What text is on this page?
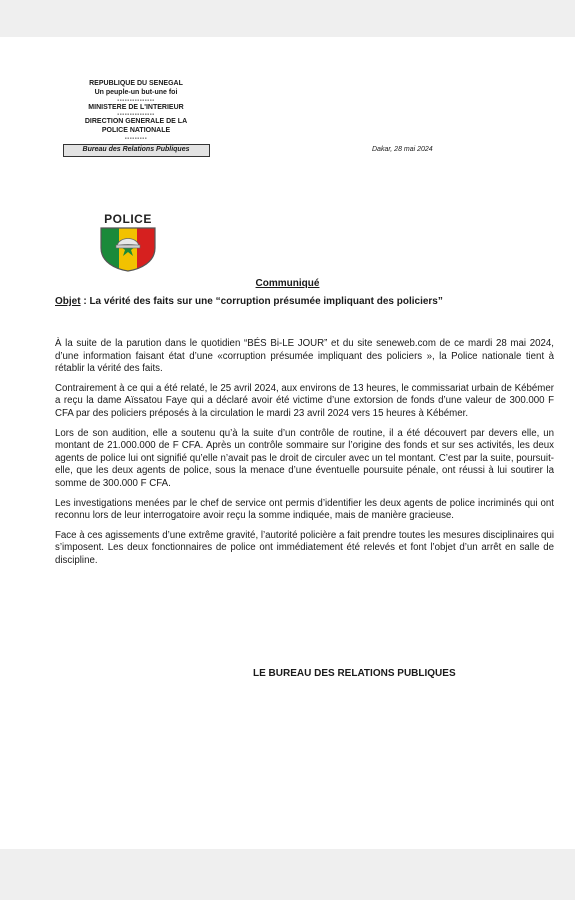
REPUBLIQUE DU SENEGAL
Un peuple-un but-une foi
---------------
MINISTERE DE L'INTERIEUR
---------------
DIRECTION GENERALE DE LA
POLICE NATIONALE
---------
Bureau des Relations Publiques	Dakar, 28 mai 2024
POLICE
Communiqué
Objet : La vérité des faits sur une “corruption présumée impliquant des policiers”

À la suite de la parution dans le quotidien “BÉS Bi-LE JOUR” et du site seneweb.com de ce mardi 28 mai 2024, d’une information faisant état d’une «corruption présumée impliquant des policiers », la Police nationale tient à rétablir la vérité des faits.

Contrairement à ce qui a été relaté, le 25 avril 2024, aux environs de 13 heures, le commissariat urbain de Kébémer a reçu la dame Aïssatou Faye qui a déclaré avoir été victime d’une extorsion de fonds d’une valeur de 300.000 F CFA par des policiers préposés à la circulation le mardi 23 avril 2024 vers 15 heures à Kébémer.

Lors de son audition, elle a soutenu qu’à la suite d’un contrôle de routine, il a été découvert par devers elle, un montant de 21.000.000 de F CFA. Après un contrôle sommaire sur l’origine des fonds et sur ses activités, les deux agents de police lui ont signifié qu’elle n’avait pas le droit de circuler avec un tel montant. C’est par la suite, poursuit-elle, que les deux agents de police, sous la menace d’une éventuelle poursuite pénale, ont réussi à lui soutirer la somme de 300.000 F CFA.

Les investigations menées par le chef de service ont permis d’identifier les deux agents de police incriminés qui ont reconnu lors de leur interrogatoire avoir reçu la somme indiquée, mais de manière gracieuse.

Face à ces agissements d’une extrême gravité, l’autorité policière a fait prendre toutes les mesures disciplinaires qui s’imposent. Les deux fonctionnaires de police ont immédiatement été relevés et font l’objet d’un arrêt en salle de discipline.

LE BUREAU DES RELATIONS PUBLIQUES
